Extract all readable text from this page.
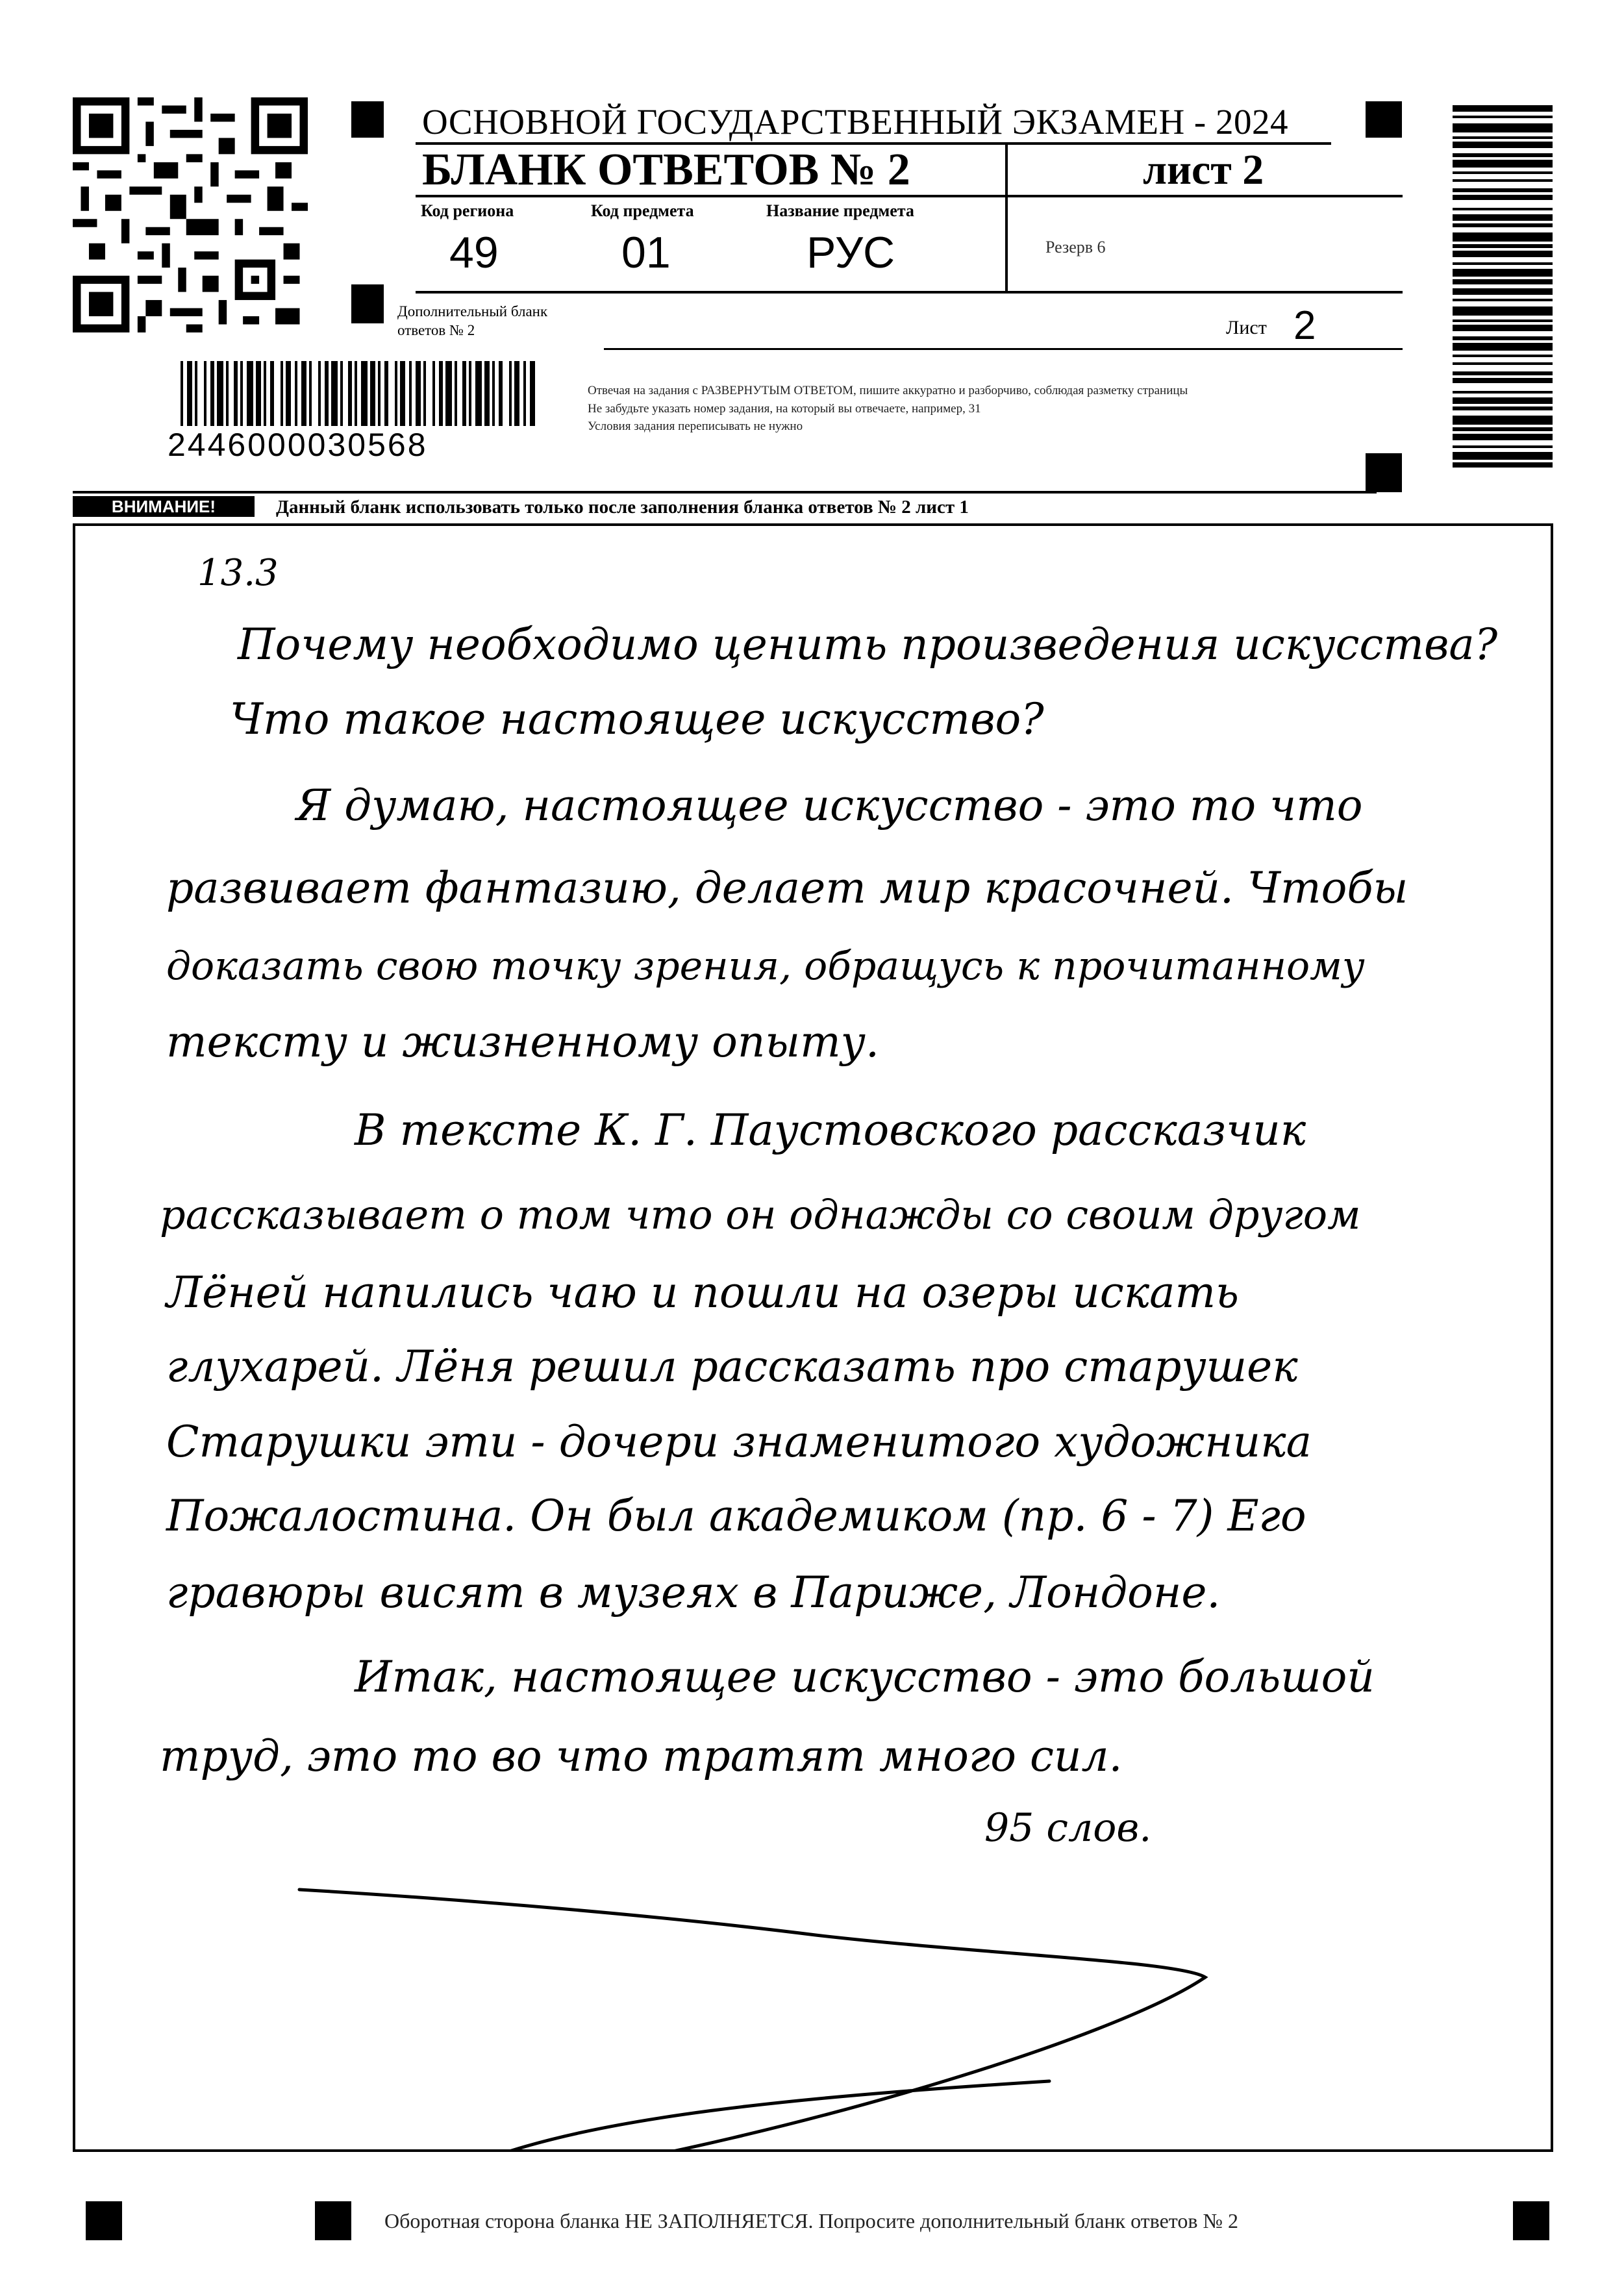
ОСНОВНОЙ ГОСУДАРСТВЕННЫЙ ЭКЗАМЕН - 2024
БЛАНК ОТВЕТОВ № 2	лист 2
Код региона	Код предмета	Название предмета
49	01	РУС	Резерв 6
Дополнительный бланк ответов № 2	Лист 2
2446000030568
Отвечая на задания с РАЗВЕРНУТЫМ ОТВЕТОМ, пишите аккуратно и разборчиво, соблюдая разметку страницы
Не забудьте указать номер задания, на который вы отвечаете, например, 31
Условия задания переписывать не нужно
ВНИМАНИЕ!	Данный бланк использовать только после заполнения бланка ответов № 2 лист 1
13.3
Почему необходимо ценить произведения искусства?
Что такое настоящее искусство?
Я думаю, настоящее искусство - это то что
развивает фантазию, делает мир красочней. Чтобы
доказать свою точку зрения, обращусь к прочитанному
тексту и жизненному опыту.
В тексте К. Г. Паустовского рассказчик
рассказывает о том что он однажды со своим другом
Лёней напились чаю и пошли на озеры искать
глухарей. Лёня решил рассказать про старушек
Старушки эти - дочери знаменитого художника
Пожалостина. Он был академиком (пр. 6 - 7) Его
гравюры висят в музеях в Париже, Лондоне.
Итак, настоящее искусство - это большой
труд, это то во что тратят много сил.
95 слов.
Оборотная сторона бланка НЕ ЗАПОЛНЯЕТСЯ. Попросите дополнительный бланк ответов № 2
